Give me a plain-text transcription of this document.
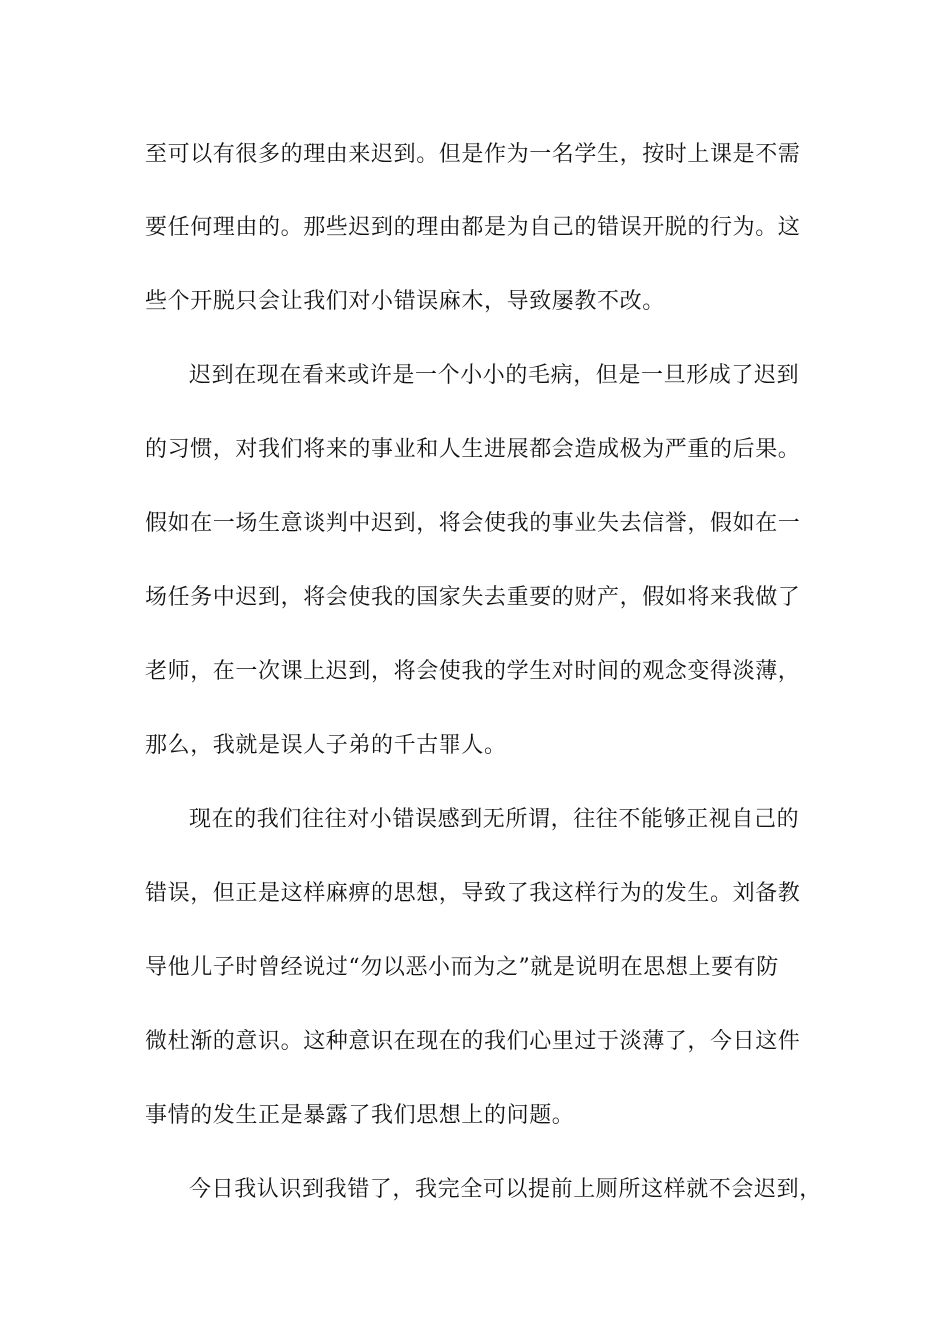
至可以有很多的理由来迟到。但是作为一名学生，按时上课是不需
要任何理由的。那些迟到的理由都是为自己的错误开脱的行为。这
些个开脱只会让我们对小错误麻木，导致屡教不改。
迟到在现在看来或许是一个小小的毛病，但是一旦形成了迟到
的习惯，对我们将来的事业和人生进展都会造成极为严重的后果。
假如在一场生意谈判中迟到，将会使我的事业失去信誉，假如在一
场任务中迟到，将会使我的国家失去重要的财产，假如将来我做了
老师，在一次课上迟到，将会使我的学生对时间的观念变得淡薄，
那么，我就是误人子弟的千古罪人。
现在的我们往往对小错误感到无所谓，往往不能够正视自己的
错误，但正是这样麻痹的思想，导致了我这样行为的发生。刘备教
导他儿子时曾经说过“勿以恶小而为之”就是说明在思想上要有防
微杜渐的意识。这种意识在现在的我们心里过于淡薄了，今日这件
事情的发生正是暴露了我们思想上的问题。
今日我认识到我错了，我完全可以提前上厕所这样就不会迟到，
